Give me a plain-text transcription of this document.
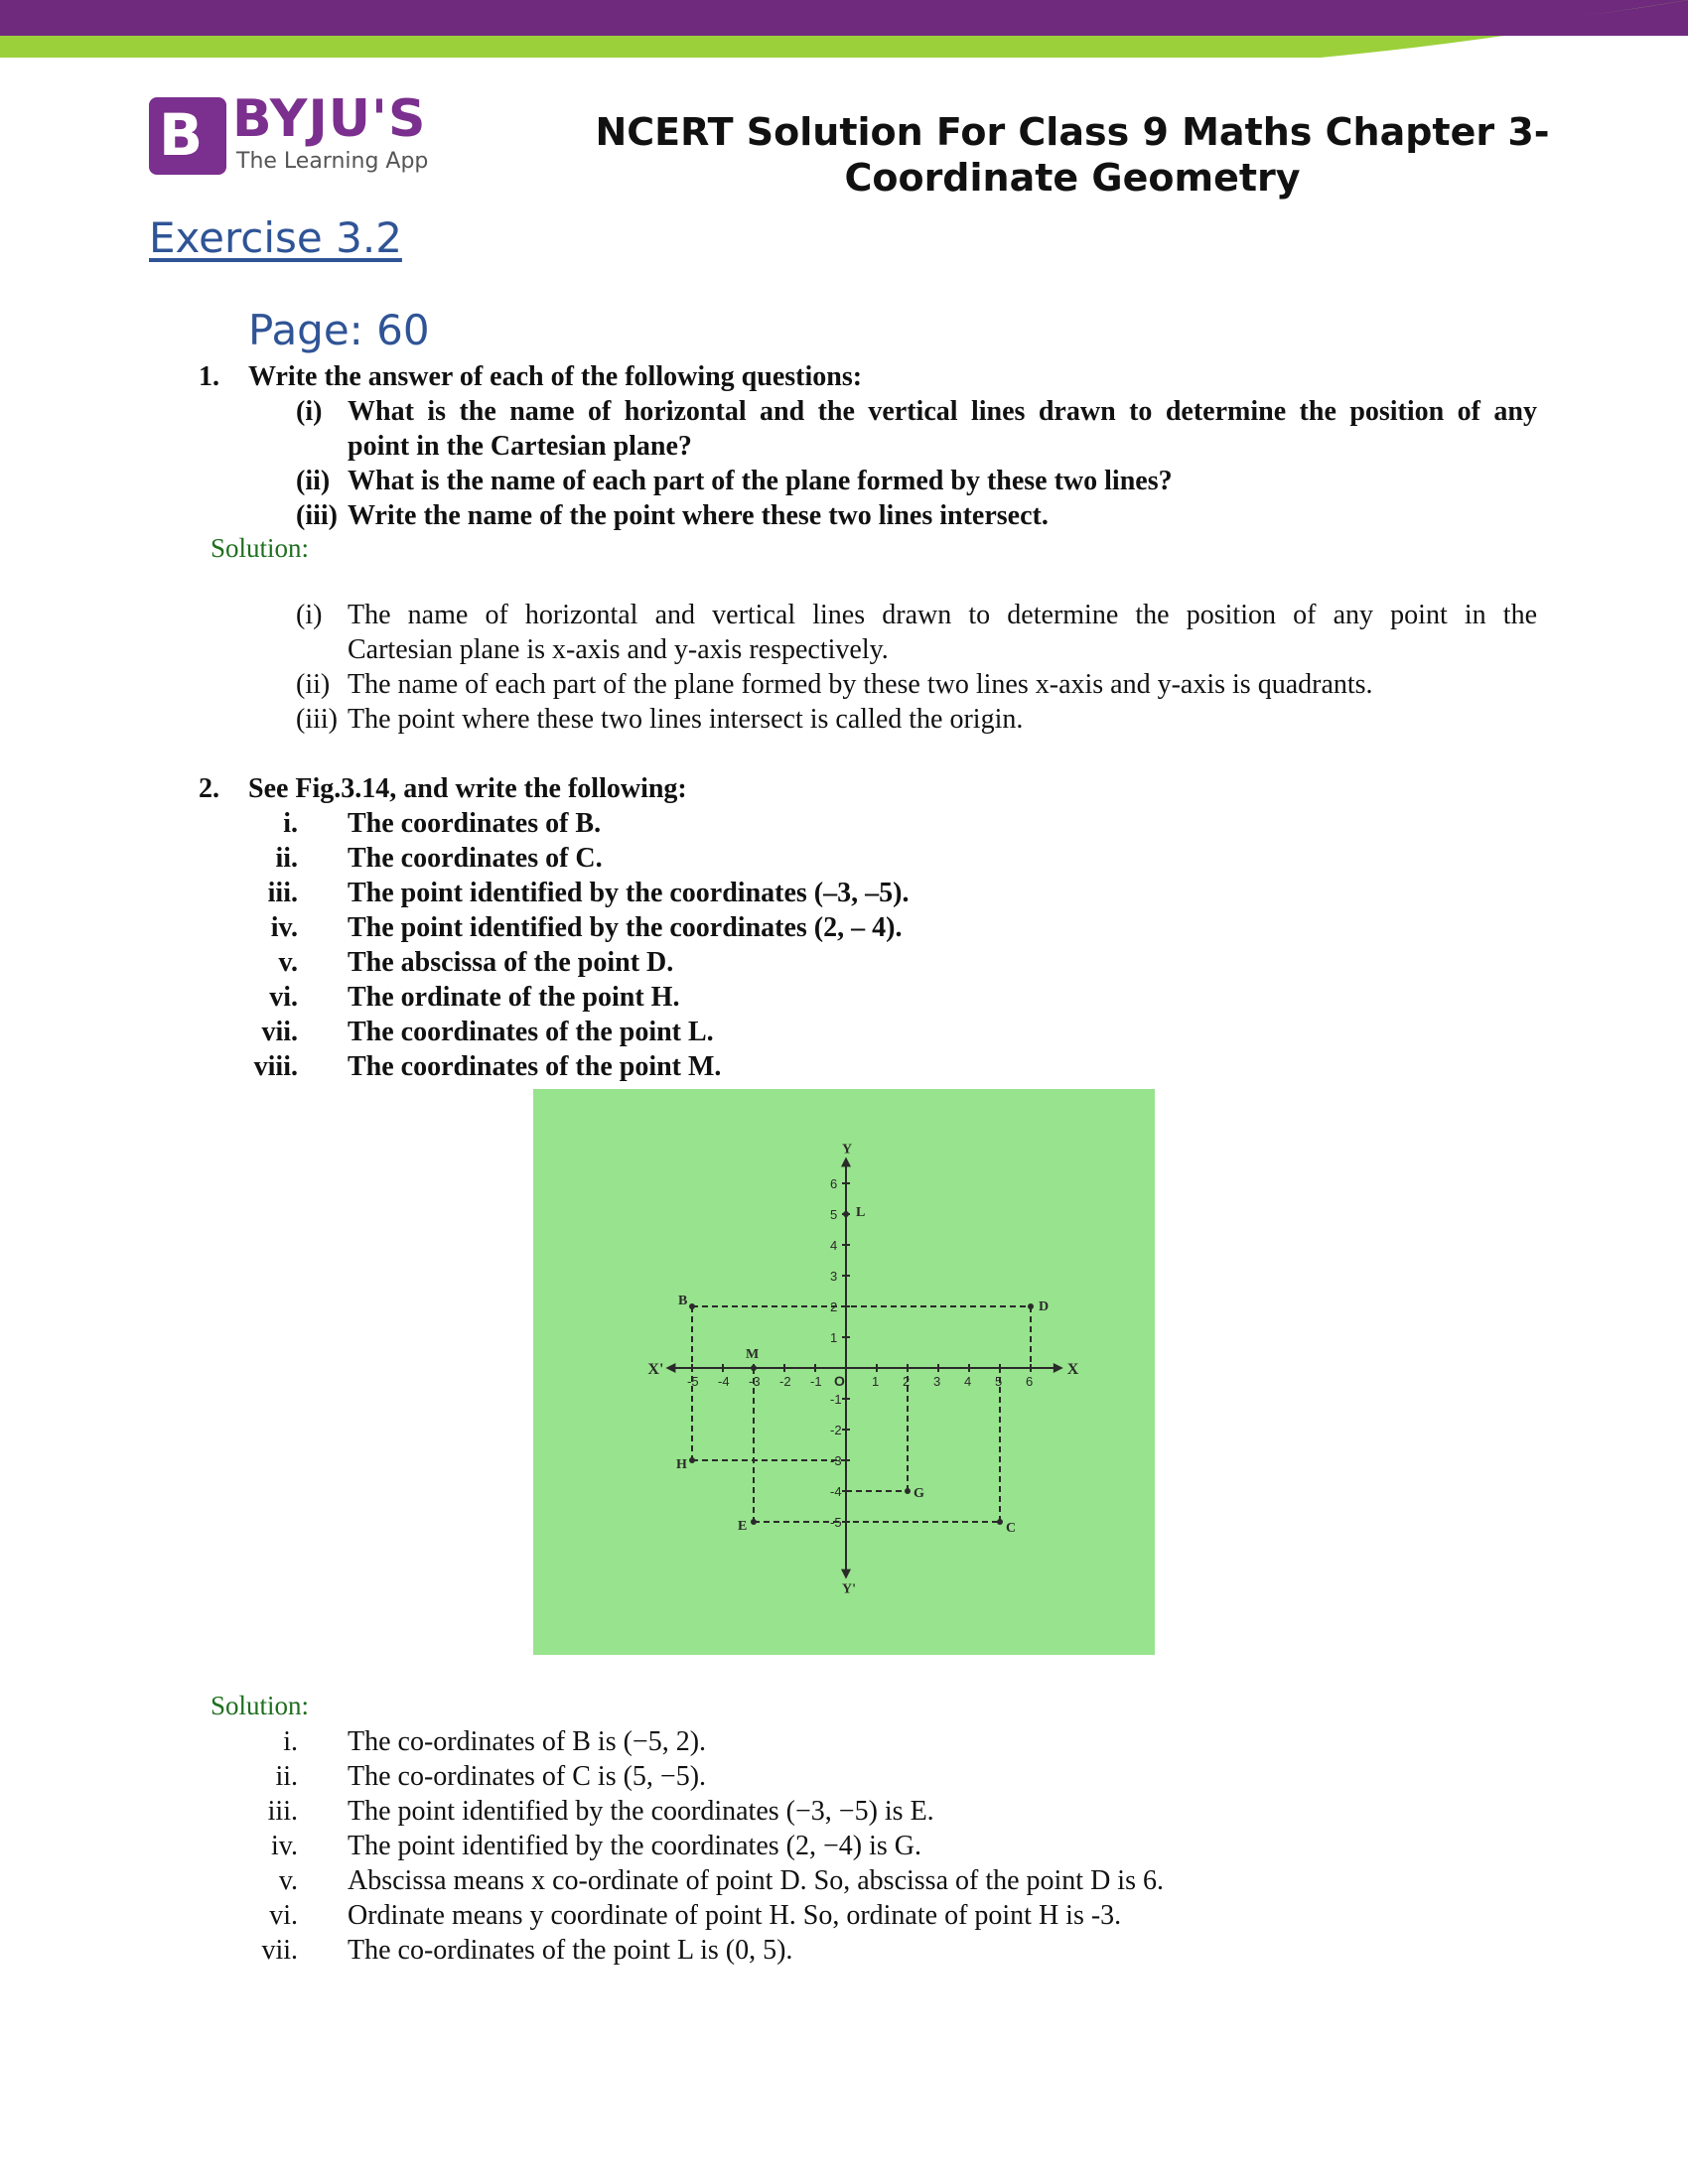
B BYJU'S
The Learning App
NCERT Solution For Class 9 Maths Chapter 3-
Coordinate Geometry
Exercise 3.2
Page: 60
1. Write the answer of each of the following questions:
(i) What is the name of horizontal and the vertical lines drawn to determine the position of any
point in the Cartesian plane?
(ii) What is the name of each part of the plane formed by these two lines?
(iii) Write the name of the point where these two lines intersect.
Solution:
(i) The name of horizontal and vertical lines drawn to determine the position of any point in the
Cartesian plane is x-axis and y-axis respectively.
(ii) The name of each part of the plane formed by these two lines x-axis and y-axis is quadrants.
(iii) The point where these two lines intersect is called the origin.
2. See Fig.3.14, and write the following:
i. The coordinates of B.
ii. The coordinates of C.
iii. The point identified by the coordinates (–3, –5).
iv. The point identified by the coordinates (2, – 4).
v. The abscissa of the point D.
vi. The ordinate of the point H.
vii. The coordinates of the point L.
viii. The coordinates of the point M.
X
X'
Y
Y'
O
-5 -4 -3 -2 -1	1 2 3 4 5 6
6
5
4
3
2
1
-1
-2
-3
-4
-5
B	D
C
E
H
G
L
M
Solution:
i. The co-ordinates of B is (−5, 2).
ii. The co-ordinates of C is (5, −5).
iii. The point identified by the coordinates (−3, −5) is E.
iv. The point identified by the coordinates (2, −4) is G.
v. Abscissa means x co-ordinate of point D. So, abscissa of the point D is 6.
vi. Ordinate means y coordinate of point H. So, ordinate of point H is -3.
vii. The co-ordinates of the point L is (0, 5).
